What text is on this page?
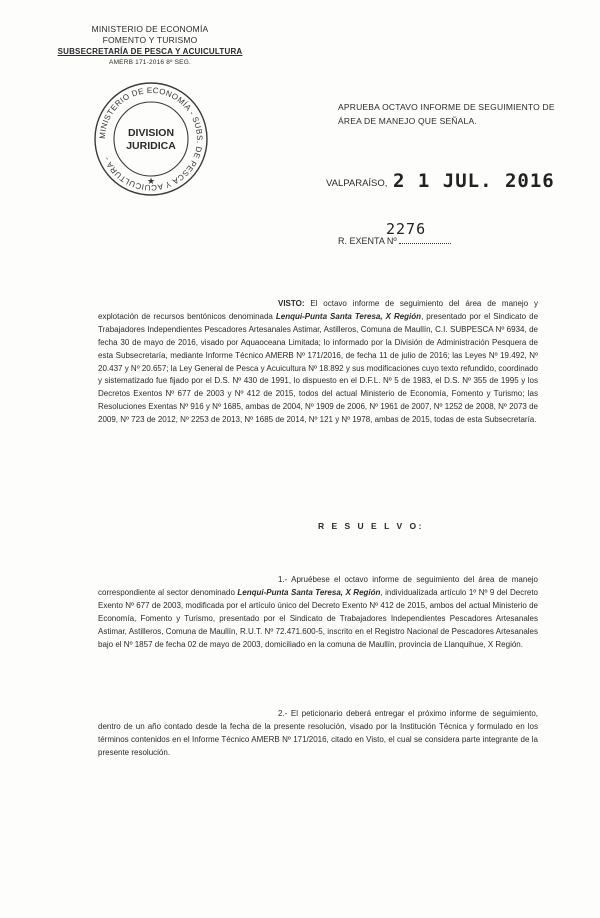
MINISTERIO DE ECONOMÍA
FOMENTO Y TURISMO
SUBSECRETARÍA DE PESCA Y ACUICULTURA
AMERB 171-2016 8º SEG.
MINISTERIO DE ECONOMÍA - SUBS. DE PESCA Y ACUICULTURA -
DIVISION
JURIDICA
★
APRUEBA OCTAVO INFORME DE SEGUIMIENTO DE ÁREA DE MANEJO QUE SEÑALA.
VALPARAÍSO, 2 1 JUL. 2016
2276
R. EXENTA Nº
VISTO: El octavo informe de seguimiento del área de manejo y explotación de recursos bentónicos denominada Lenqui-Punta Santa Teresa, X Región, presentado por el Sindicato de Trabajadores Independientes Pescadores Artesanales Astimar, Astilleros, Comuna de Maullín, C.I. SUBPESCA Nº 6934, de fecha 30 de mayo de 2016, visado por Aquaoceana Limitada; lo informado por la División de Administración Pesquera de esta Subsecretaría, mediante Informe Técnico AMERB Nº 171/2016, de fecha 11 de julio de 2016; las Leyes Nº 19.492, Nº 20.437 y Nº 20.657; la Ley General de Pesca y Acuicultura Nº 18.892 y sus modificaciones cuyo texto refundido, coordinado y sistematizado fue fijado por el D.S. Nº 430 de 1991, lo dispuesto en el D.F.L. Nº 5 de 1983, el D.S. Nº 355 de 1995 y los Decretos Exentos Nº 677 de 2003 y Nº 412 de 2015, todos del actual Ministerio de Economía, Fomento y Turismo; las Resoluciones Exentas Nº 916 y Nº 1685, ambas de 2004, Nº 1909 de 2006, Nº 1961 de 2007, Nº 1252 de 2008, Nº 2073 de 2009, Nº 723 de 2012, Nº 2253 de 2013, Nº 1685 de 2014, Nº 121 y Nº 1978, ambas de 2015, todas de esta Subsecretaría.
R E S U E L V O:
1.- Apruébese el octavo informe de seguimiento del área de manejo correspondiente al sector denominado Lenqui-Punta Santa Teresa, X Región, individualizada artículo 1º Nº 9 del Decreto Exento Nº 677 de 2003, modificada por el artículo único del Decreto Exento Nº 412 de 2015, ambos del actual Ministerio de Economía, Fomento y Turismo, presentado por el Sindicato de Trabajadores Independientes Pescadores Artesanales Astimar, Astilleros, Comuna de Maullín, R.U.T. Nº 72.471.600-5, inscrito en el Registro Nacional de Pescadores Artesanales bajo el Nº 1857 de fecha 02 de mayo de 2003, domiciliado en la comuna de Maullín, provincia de Llanquihue, X Región.
2.- El peticionario deberá entregar el próximo informe de seguimiento, dentro de un año contado desde la fecha de la presente resolución, visado por la Institución Técnica y formulado en los términos contenidos en el Informe Técnico AMERB Nº 171/2016, citado en Visto, el cual se considera parte integrante de la presente resolución.
